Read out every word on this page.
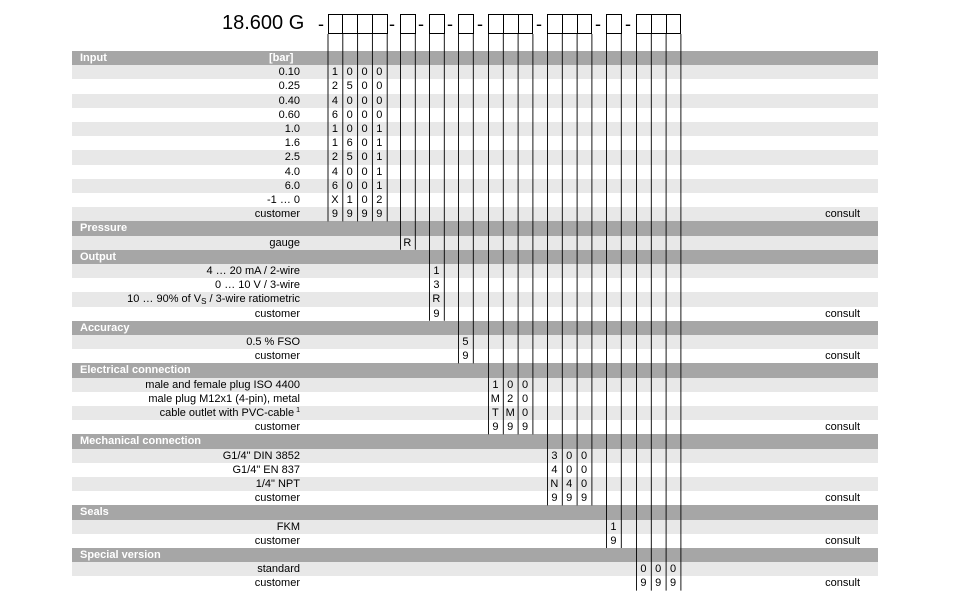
18.600 G -	- - - -	-	- -
Input	[bar]
0.10	1 0 0 0
0.25	2 5 0 0
0.40	4 0 0 0
0.60	6 0 0 0
1.0	1 0 0 1
1.6	1 6 0 1
2.5	2 5 0 1
4.0	4 0 0 1
6.0	6 0 0 1
-1 … 0	X 1 0 2
customer	9 9 9 9	consult
Pressure
gauge	R
Output
4 … 20 mA / 2-wire	1
0 … 10 V / 3-wire	3
10 … 90% of $V_S$ / 3-wire ratiometric	R
customer	9	consult
Accuracy
0.5 % FSO	5
customer	9	consult
Electrical connection
male and female plug ISO 4400	1 0 0
male plug M12x1 (4-pin), metal	M 2 0
cable outlet with PVC-cable $^1$	T M 0
customer	9 9 9	consult
Mechanical connection
G1/4" DIN 3852	3 0 0
G1/4" EN 837	4 0 0
1/4" NPT	N 4 0
customer	9 9 9	consult
Seals
FKM	1
customer	9	consult
Special version
standard	0 0 0
customer	9 9 9	consult
